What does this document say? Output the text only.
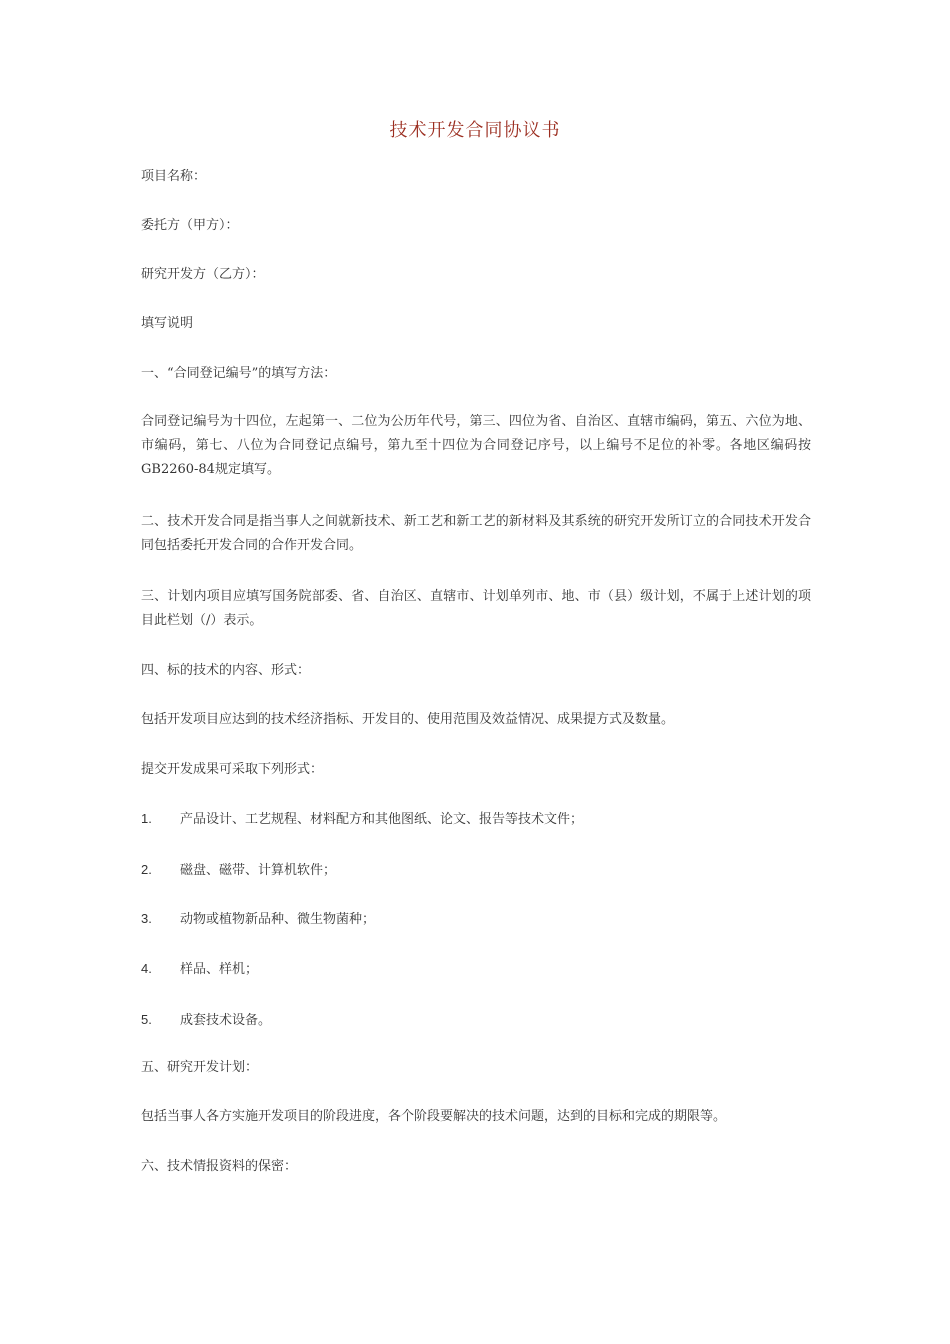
技术开发合同协议书
项目名称：
委托方（甲方）：
研究开发方（乙方）：
填写说明
一、“合同登记编号”的填写方法：
合同登记编号为十四位，左起第一、二位为公历年代号，第三、四位为省、自治区、直辖市编码，第五、六位为地、市编码，第七、八位为合同登记点编号，第九至十四位为合同登记序号，以上编号不足位的补零。各地区编码按GB2260-84规定填写。
二、技术开发合同是指当事人之间就新技术、新工艺和新工艺的新材料及其系统的研究开发所订立的合同技术开发合同包括委托开发合同的合作开发合同。
三、计划内项目应填写国务院部委、省、自治区、直辖市、计划单列市、地、市（县）级计划，不属于上述计划的项目此栏划（/）表示。
四、标的技术的内容、形式：
包括开发项目应达到的技术经济指标、开发目的、使用范围及效益情况、成果提方式及数量。
提交开发成果可采取下列形式：
1. 产品设计、工艺规程、材料配方和其他图纸、论文、报告等技术文件；
2. 磁盘、磁带、计算机软件；
3. 动物或植物新品种、微生物菌种；
4. 样品、样机；
5. 成套技术设备。
五、研究开发计划：
包括当事人各方实施开发项目的阶段进度，各个阶段要解决的技术问题，达到的目标和完成的期限等。
六、技术情报资料的保密：
